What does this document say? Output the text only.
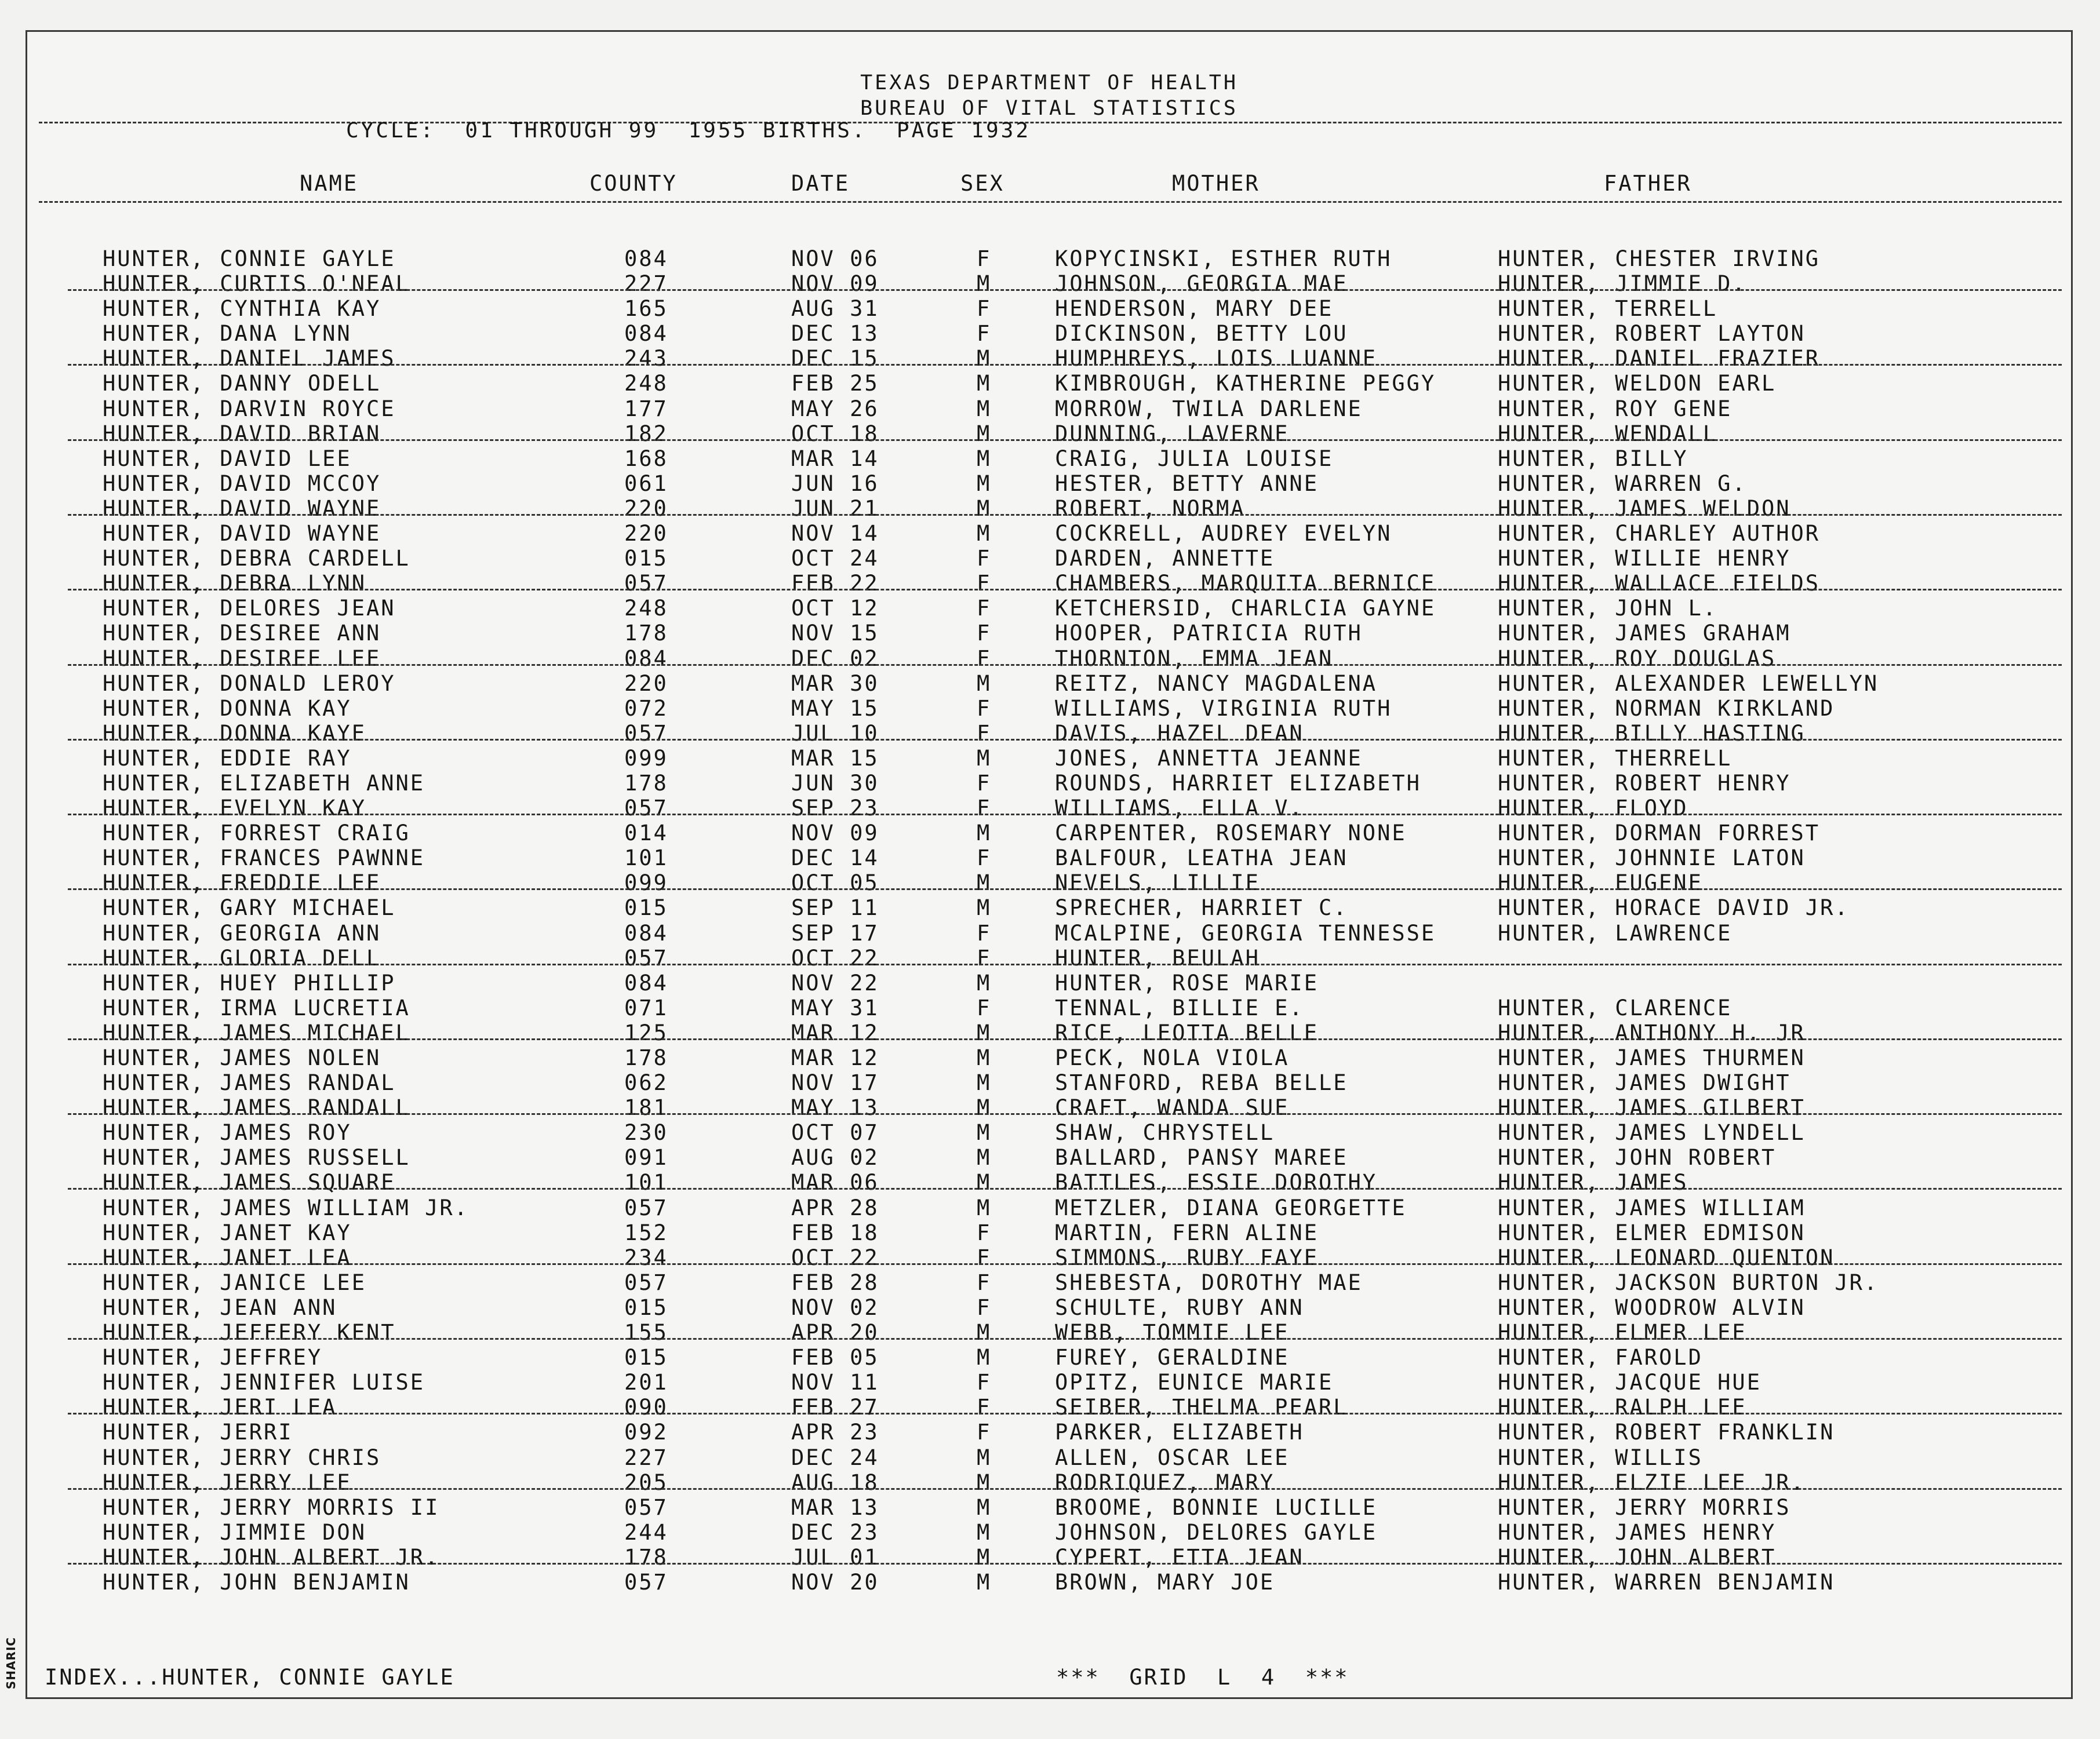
SHARIC
TEXAS DEPARTMENT OF HEALTH
BUREAU OF VITAL STATISTICS
CYCLE:  01 THROUGH 99  1955 BIRTHS.  PAGE 1932
NAME	COUNTY	DATE	SEX	MOTHER	FATHER
HUNTER, CONNIE GAYLE	084	NOV 06	F	KOPYCINSKI, ESTHER RUTH	HUNTER, CHESTER IRVING
HUNTER, CURTIS O'NEAL	227	NOV 09	M	JOHNSON, GEORGIA MAE	HUNTER, JIMMIE D.
HUNTER, CYNTHIA KAY	165	AUG 31	F	HENDERSON, MARY DEE	HUNTER, TERRELL
HUNTER, DANA LYNN	084	DEC 13	F	DICKINSON, BETTY LOU	HUNTER, ROBERT LAYTON
HUNTER, DANIEL JAMES	243	DEC 15	M	HUMPHREYS, LOIS LUANNE	HUNTER, DANIEL FRAZIER
HUNTER, DANNY ODELL	248	FEB 25	M	KIMBROUGH, KATHERINE PEGGY	HUNTER, WELDON EARL
HUNTER, DARVIN ROYCE	177	MAY 26	M	MORROW, TWILA DARLENE	HUNTER, ROY GENE
HUNTER, DAVID BRIAN	182	OCT 18	M	DUNNING, LAVERNE	HUNTER, WENDALL
HUNTER, DAVID LEE	168	MAR 14	M	CRAIG, JULIA LOUISE	HUNTER, BILLY
HUNTER, DAVID MCCOY	061	JUN 16	M	HESTER, BETTY ANNE	HUNTER, WARREN G.
HUNTER, DAVID WAYNE	220	JUN 21	M	ROBERT, NORMA	HUNTER, JAMES WELDON
HUNTER, DAVID WAYNE	220	NOV 14	M	COCKRELL, AUDREY EVELYN	HUNTER, CHARLEY AUTHOR
HUNTER, DEBRA CARDELL	015	OCT 24	F	DARDEN, ANNETTE	HUNTER, WILLIE HENRY
HUNTER, DEBRA LYNN	057	FEB 22	F	CHAMBERS, MARQUITA BERNICE	HUNTER, WALLACE FIELDS
HUNTER, DELORES JEAN	248	OCT 12	F	KETCHERSID, CHARLCIA GAYNE	HUNTER, JOHN L.
HUNTER, DESIREE ANN	178	NOV 15	F	HOOPER, PATRICIA RUTH	HUNTER, JAMES GRAHAM
HUNTER, DESIREE LEE	084	DEC 02	F	THORNTON, EMMA JEAN	HUNTER, ROY DOUGLAS
HUNTER, DONALD LEROY	220	MAR 30	M	REITZ, NANCY MAGDALENA	HUNTER, ALEXANDER LEWELLYN
HUNTER, DONNA KAY	072	MAY 15	F	WILLIAMS, VIRGINIA RUTH	HUNTER, NORMAN KIRKLAND
HUNTER, DONNA KAYE	057	JUL 10	F	DAVIS, HAZEL DEAN	HUNTER, BILLY HASTING
HUNTER, EDDIE RAY	099	MAR 15	M	JONES, ANNETTA JEANNE	HUNTER, THERRELL
HUNTER, ELIZABETH ANNE	178	JUN 30	F	ROUNDS, HARRIET ELIZABETH	HUNTER, ROBERT HENRY
HUNTER, EVELYN KAY	057	SEP 23	F	WILLIAMS, ELLA V.	HUNTER, FLOYD
HUNTER, FORREST CRAIG	014	NOV 09	M	CARPENTER, ROSEMARY NONE	HUNTER, DORMAN FORREST
HUNTER, FRANCES PAWNNE	101	DEC 14	F	BALFOUR, LEATHA JEAN	HUNTER, JOHNNIE LATON
HUNTER, FREDDIE LEE	099	OCT 05	M	NEVELS, LILLIE	HUNTER, EUGENE
HUNTER, GARY MICHAEL	015	SEP 11	M	SPRECHER, HARRIET C.	HUNTER, HORACE DAVID JR.
HUNTER, GEORGIA ANN	084	SEP 17	F	MCALPINE, GEORGIA TENNESSE	HUNTER, LAWRENCE
HUNTER, GLORIA DELL	057	OCT 22	F	HUNTER, BEULAH
HUNTER, HUEY PHILLIP	084	NOV 22	M	HUNTER, ROSE MARIE
HUNTER, IRMA LUCRETIA	071	MAY 31	F	TENNAL, BILLIE E.	HUNTER, CLARENCE
HUNTER, JAMES MICHAEL	125	MAR 12	M	RICE, LEOTTA BELLE	HUNTER, ANTHONY H. JR
HUNTER, JAMES NOLEN	178	MAR 12	M	PECK, NOLA VIOLA	HUNTER, JAMES THURMEN
HUNTER, JAMES RANDAL	062	NOV 17	M	STANFORD, REBA BELLE	HUNTER, JAMES DWIGHT
HUNTER, JAMES RANDALL	181	MAY 13	M	CRAFT, WANDA SUE	HUNTER, JAMES GILBERT
HUNTER, JAMES ROY	230	OCT 07	M	SHAW, CHRYSTELL	HUNTER, JAMES LYNDELL
HUNTER, JAMES RUSSELL	091	AUG 02	M	BALLARD, PANSY MAREE	HUNTER, JOHN ROBERT
HUNTER, JAMES SQUARE	101	MAR 06	M	BATTLES, ESSIE DOROTHY	HUNTER, JAMES
HUNTER, JAMES WILLIAM JR.	057	APR 28	M	METZLER, DIANA GEORGETTE	HUNTER, JAMES WILLIAM
HUNTER, JANET KAY	152	FEB 18	F	MARTIN, FERN ALINE	HUNTER, ELMER EDMISON
HUNTER, JANET LEA	234	OCT 22	F	SIMMONS, RUBY FAYE	HUNTER, LEONARD QUENTON
HUNTER, JANICE LEE	057	FEB 28	F	SHEBESTA, DOROTHY MAE	HUNTER, JACKSON BURTON JR.
HUNTER, JEAN ANN	015	NOV 02	F	SCHULTE, RUBY ANN	HUNTER, WOODROW ALVIN
HUNTER, JEFFERY KENT	155	APR 20	M	WEBB, TOMMIE LEE	HUNTER, ELMER LEE
HUNTER, JEFFREY	015	FEB 05	M	FUREY, GERALDINE	HUNTER, FAROLD
HUNTER, JENNIFER LUISE	201	NOV 11	F	OPITZ, EUNICE MARIE	HUNTER, JACQUE HUE
HUNTER, JERI LEA	090	FEB 27	F	SEIBER, THELMA PEARL	HUNTER, RALPH LEE
HUNTER, JERRI	092	APR 23	F	PARKER, ELIZABETH	HUNTER, ROBERT FRANKLIN
HUNTER, JERRY CHRIS	227	DEC 24	M	ALLEN, OSCAR LEE	HUNTER, WILLIS
HUNTER, JERRY LEE	205	AUG 18	M	RODRIQUEZ, MARY	HUNTER, ELZIE LEE JR.
HUNTER, JERRY MORRIS II	057	MAR 13	M	BROOME, BONNIE LUCILLE	HUNTER, JERRY MORRIS
HUNTER, JIMMIE DON	244	DEC 23	M	JOHNSON, DELORES GAYLE	HUNTER, JAMES HENRY
HUNTER, JOHN ALBERT JR.	178	JUL 01	M	CYPERT, ETTA JEAN	HUNTER, JOHN ALBERT
HUNTER, JOHN BENJAMIN	057	NOV 20	M	BROWN, MARY JOE	HUNTER, WARREN BENJAMIN
INDEX...HUNTER, CONNIE GAYLE	***  GRID  L  4  ***
